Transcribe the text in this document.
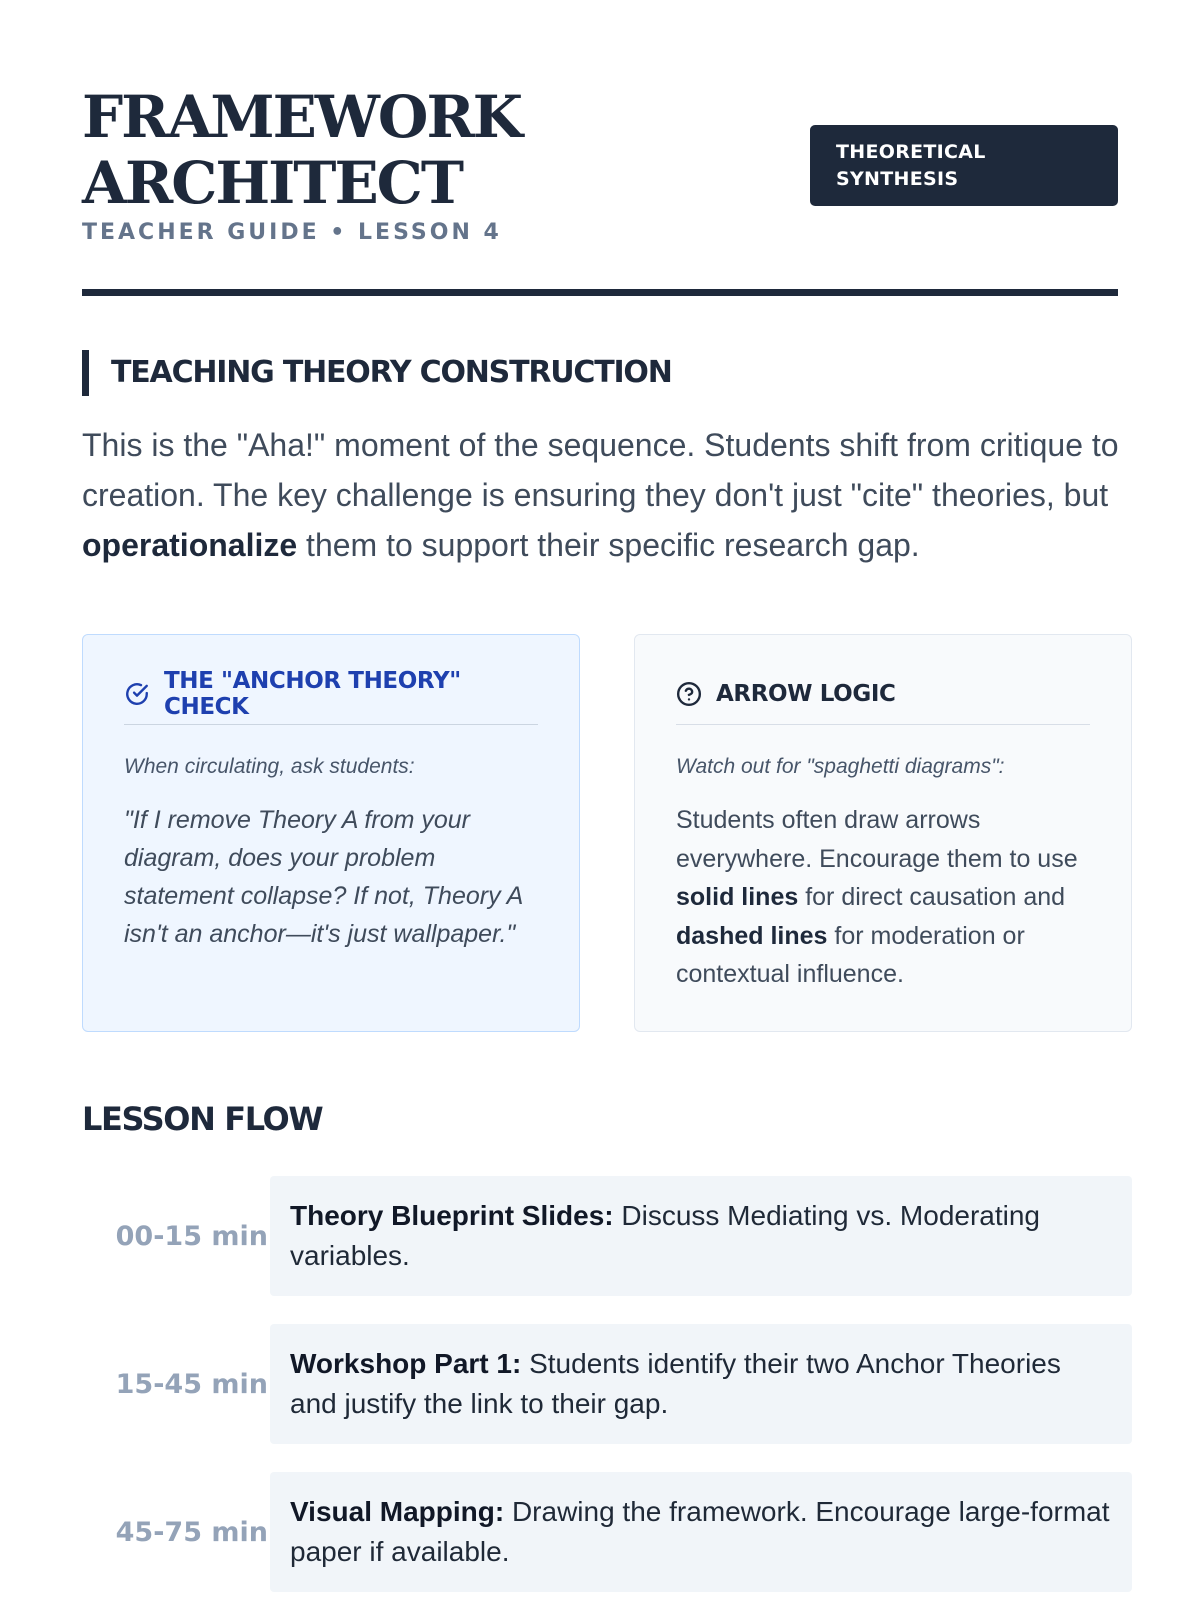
FRAMEWORK
ARCHITECT
TEACHER GUIDE • LESSON 4
THEORETICAL
SYNTHESIS
TEACHING THEORY CONSTRUCTION

This is the "Aha!" moment of the sequence. Students shift from critique to creation. The key challenge is ensuring they don't just "cite" theories, but operationalize them to support their specific research gap.

THE "ANCHOR THEORY" CHECK
When circulating, ask students:
"If I remove Theory A from your diagram, does your problem statement collapse? If not, Theory A isn't an anchor—it's just wallpaper."
ARROW LOGIC
Watch out for "spaghetti diagrams":
Students often draw arrows everywhere. Encourage them to use solid lines for direct causation and dashed lines for moderation or contextual influence.
LESSON FLOW
00-15 min
Theory Blueprint Slides: Discuss Mediating vs. Moderating variables.
15-45 min
Workshop Part 1: Students identify their two Anchor Theories and justify the link to their gap.
45-75 min
Visual Mapping: Drawing the framework. Encourage large-format paper if available.
